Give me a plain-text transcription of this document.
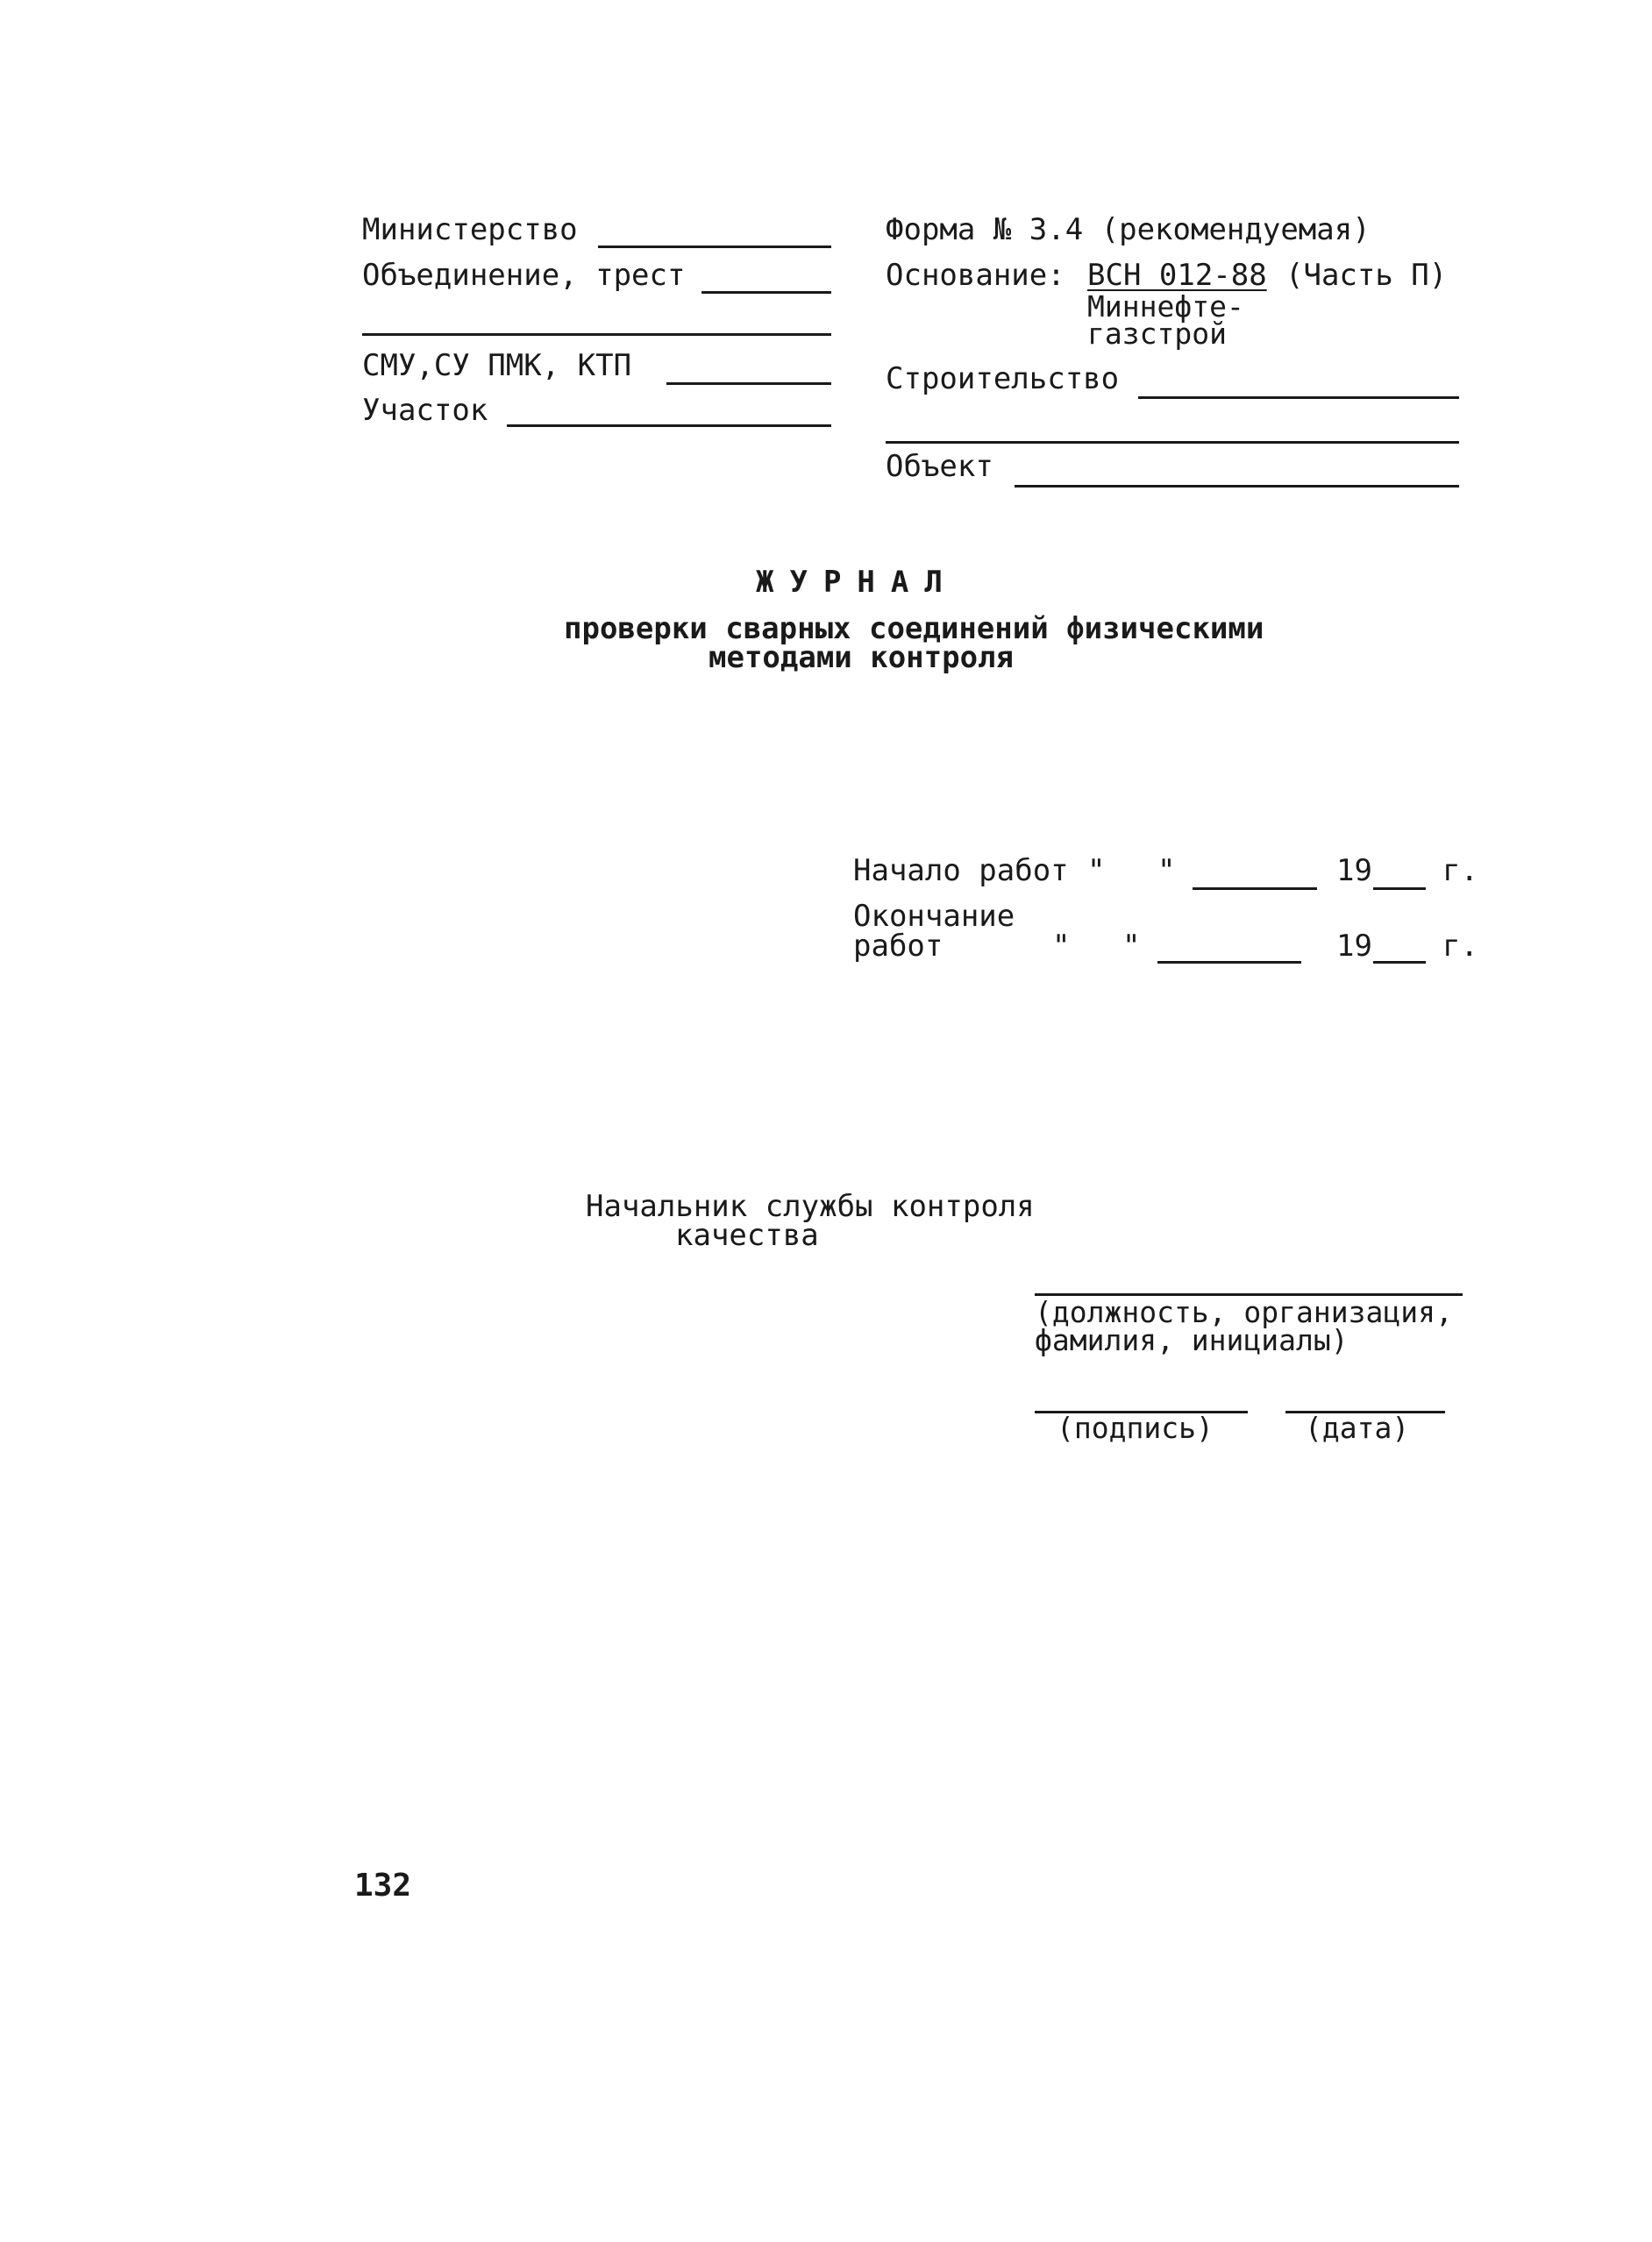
Министерство
Объединение, трест
СМУ,СУ ПМК, КТП
Участок
Форма № 3.4 (рекомендуемая)
Основание: ВСН 012-88 (Часть П)
Миннефте-
газстрой
Строительство
Объект
ЖУРНАЛ
проверки сварных соединений физическими
методами контроля
Начало работ " "	19 г.
Окончание
работ	" "	19 г.
Начальник службы контроля
качества
(должность, организация,
фамилия, инициалы)
(подпись)	(дата)
132
